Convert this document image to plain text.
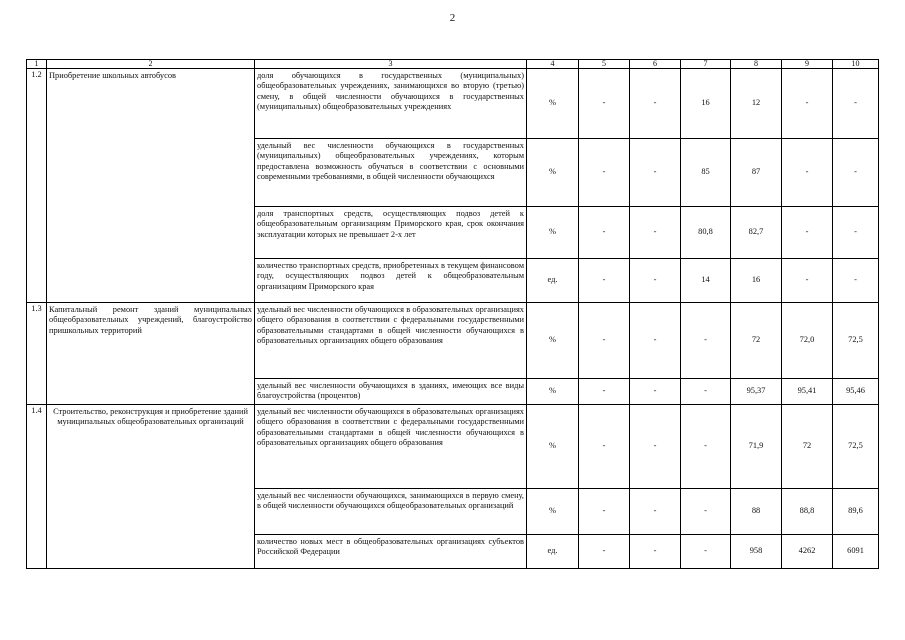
2
1	2	3	4	5	6	7	8	9	10
1.2	Приобретение школьных автобусов	доля обучающихся в государственных (муниципальных) общеобразовательных учреждениях, занимающихся во вторую (третью) смену, в общей численности обучающихся в государственных (муниципальных) общеобразовательных учреждениях	%	-	-	16	12	-	-
		удельный вес численности обучающихся в государственных (муниципальных) общеобразовательных учреждениях, которым предоставлена возможность обучаться в соответствии с основными современными требованиями, в общей численности обучающихся	%	-	-	85	87	-	-
		доля транспортных средств, осуществляющих подвоз детей к общеобразовательным организациям Приморского края, срок окончания эксплуатации которых не превышает 2-х лет	%	-	-	80,8	82,7	-	-
		количество транспортных средств, приобретенных в текущем финансовом году, осуществляющих подвоз детей к общеобразовательным организациям Приморского края	ед.	-	-	14	16	-	-
1.3	Капитальный ремонт зданий муниципальных общеобразовательных учреждений, благоустройство пришкольных территорий	удельный вес численности обучающихся в образовательных организациях общего образования в соответствии с федеральными государственными образовательными стандартами в общей численности обучающихся в образовательных организациях общего образования	%	-	-	-	72	72,0	72,5
		удельный вес численности обучающихся в зданиях, имеющих все виды благоустройства (процентов)	%	-	-	-	95,37	95,41	95,46
1.4	Строительство, реконструкция и приобретение зданий муниципальных общеобразовательных организаций	удельный вес численности обучающихся в образовательных организациях общего образования в соответствии с федеральными государственными образовательными стандартами в общей численности обучающихся в образовательных организациях общего образования	%	-	-	-	71,9	72	72,5
		удельный вес численности обучающихся, занимающихся в первую смену, в общей численности обучающихся общеобразовательных организаций	%	-	-	-	88	88,8	89,6
		количество новых мест в общеобразовательных организациях субъектов Российской Федерации	ед.	-	-	-	958	4262	6091
